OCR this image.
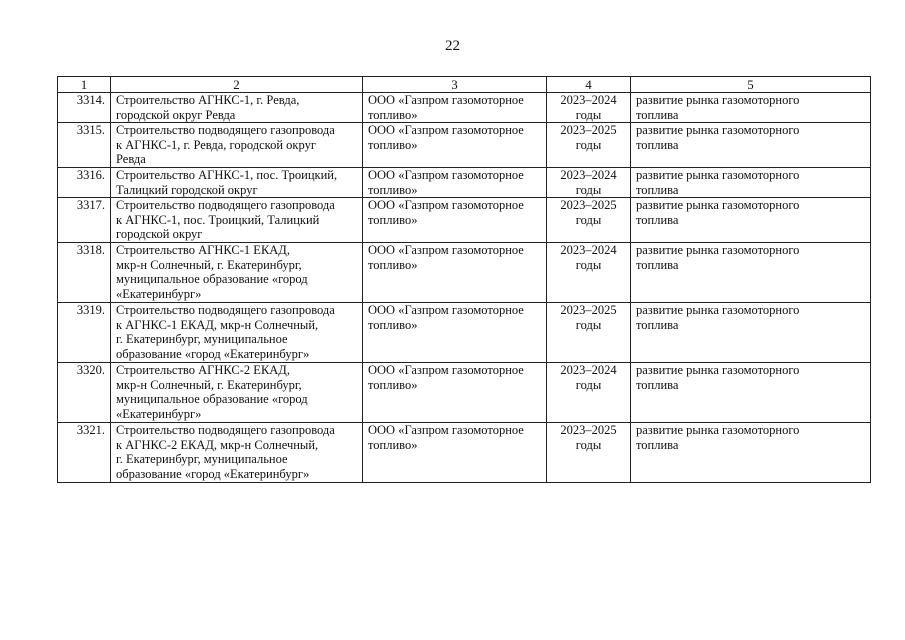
22
1	2	3	4	5
3314.	Строительство АГНКС-1, г. Ревда,
городской округ Ревда	ООО «Газпром газомоторное
топливо»	2023–2024
годы	развитие рынка газомоторного
топлива

3315.	Строительство подводящего газопровода
к АГНКС-1, г. Ревда, городской округ
Ревда	ООО «Газпром газомоторное
топливо»	2023–2025
годы	развитие рынка газомоторного
топлива

3316.	Строительство АГНКС-1, пос. Троицкий,
Талицкий городской округ	ООО «Газпром газомоторное
топливо»	2023–2024
годы	развитие рынка газомоторного
топлива

3317.	Строительство подводящего газопровода
к АГНКС-1, пос. Троицкий, Талицкий
городской округ	ООО «Газпром газомоторное
топливо»	2023–2025
годы	развитие рынка газомоторного
топлива

3318.	Строительство АГНКС-1 ЕКАД,
мкр-н Солнечный, г. Екатеринбург,
муниципальное образование «город
«Екатеринбург»	ООО «Газпром газомоторное
топливо»	2023–2024
годы	развитие рынка газомоторного
топлива

3319.	Строительство подводящего газопровода
к АГНКС-1 ЕКАД, мкр-н Солнечный,
г. Екатеринбург, муниципальное
образование «город «Екатеринбург»	ООО «Газпром газомоторное
топливо»	2023–2025
годы	развитие рынка газомоторного
топлива

3320.	Строительство АГНКС-2 ЕКАД,
мкр-н Солнечный, г. Екатеринбург,
муниципальное образование «город
«Екатеринбург»	ООО «Газпром газомоторное
топливо»	2023–2024
годы	развитие рынка газомоторного
топлива

3321.	Строительство подводящего газопровода
к АГНКС-2 ЕКАД, мкр-н Солнечный,
г. Екатеринбург, муниципальное
образование «город «Екатеринбург»	ООО «Газпром газомоторное
топливо»	2023–2025
годы	развитие рынка газомоторного
топлива
